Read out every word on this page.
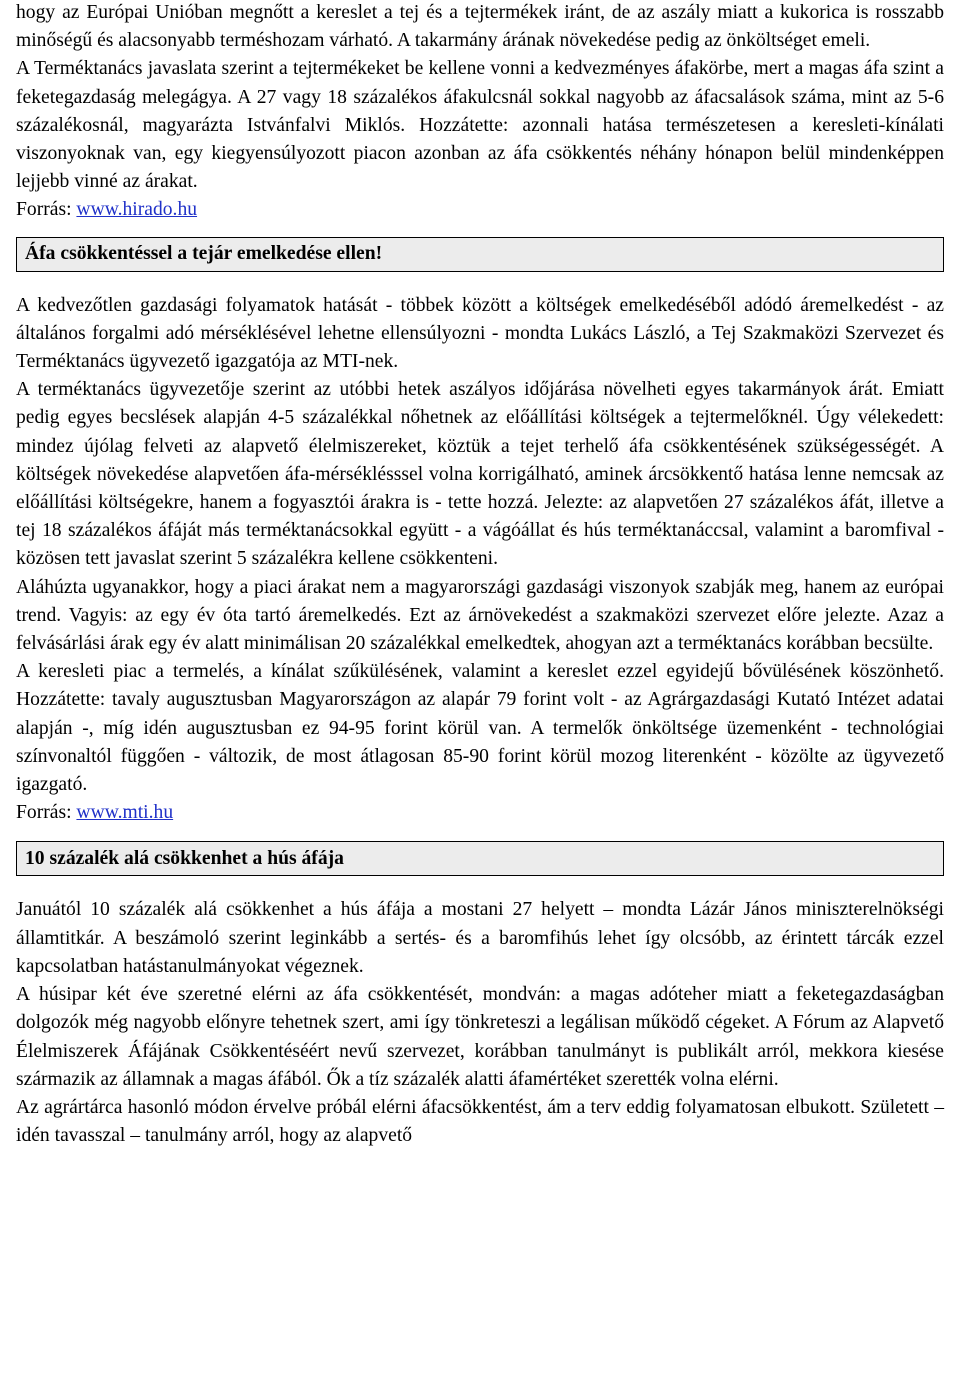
hogy az Európai Unióban megnőtt a kereslet a tej és a tejtermékek iránt, de az aszály miatt a kukorica is rosszabb minőségű és alacsonyabb terméshozam várható. A takarmány árának növekedése pedig az önköltséget emeli.

A Terméktanács javaslata szerint a tejtermékeket be kellene vonni a kedvezményes áfakörbe, mert a magas áfa szint a feketegazdaság melegágya. A 27 vagy 18 százalékos áfakulcsnál sokkal nagyobb az áfacsalások száma, mint az 5-6 százalékosnál, magyarázta Istvánfalvi Miklós. Hozzátette: azonnali hatása természetesen a keresleti-kínálati viszonyoknak van, egy kiegyensúlyozott piacon azonban az áfa csökkentés néhány hónapon belül mindenképpen lejjebb vinné az árakat.

Forrás: www.hirado.hu

Áfa csökkentéssel a tejár emelkedése ellen!

A kedvezőtlen gazdasági folyamatok hatását - többek között a költségek emelkedéséből adódó áremelkedést - az általános forgalmi adó mérséklésével lehetne ellensúlyozni - mondta Lukács László, a Tej Szakmaközi Szervezet és Terméktanács ügyvezető igazgatója az MTI-nek.

A terméktanács ügyvezetője szerint az utóbbi hetek aszályos időjárása növelheti egyes takarmányok árát. Emiatt pedig egyes becslések alapján 4-5 százalékkal nőhetnek az előállítási költségek a tejtermelőknél. Úgy vélekedett: mindez újólag felveti az alapvető élelmiszereket, köztük a tejet terhelő áfa csökkentésének szükségességét. A költségek növekedése alapvetően áfa-mérséklésssel volna korrigálható, aminek árcsökkentő hatása lenne nemcsak az előállítási költségekre, hanem a fogyasztói árakra is - tette hozzá. Jelezte: az alapvetően 27 százalékos áfát, illetve a tej 18 százalékos áfáját más terméktanácsokkal együtt - a vágóállat és hús terméktanáccsal, valamint a baromfival - közösen tett javaslat szerint 5 százalékra kellene csökkenteni.

Aláhúzta ugyanakkor, hogy a piaci árakat nem a magyarországi gazdasági viszonyok szabják meg, hanem az európai trend. Vagyis: az egy év óta tartó áremelkedés. Ezt az árnövekedést a szakmaközi szervezet előre jelezte. Azaz a felvásárlási árak egy év alatt minimálisan 20 százalékkal emelkedtek, ahogyan azt a terméktanács korábban becsülte.

A keresleti piac a termelés, a kínálat szűkülésének, valamint a kereslet ezzel egyidejű bővülésének köszönhető. Hozzátette: tavaly augusztusban Magyarországon az alapár 79 forint volt - az Agrárgazdasági Kutató Intézet adatai alapján -, míg idén augusztusban ez 94-95 forint körül van. A termelők önköltsége üzemenként - technológiai színvonaltól függően - változik, de most átlagosan 85-90 forint körül mozog literenként - közölte az ügyvezető igazgató.

Forrás: www.mti.hu

10 százalék alá csökkenhet a hús áfája

Januától 10 százalék alá csökkenhet a hús áfája a mostani 27 helyett – mondta Lázár János miniszterelnökségi államtitkár. A beszámoló szerint leginkább a sertés- és a baromfihús lehet így olcsóbb, az érintett tárcák ezzel kapcsolatban hatástanulmányokat végeznek.

A húsipar két éve szeretné elérni az áfa csökkentését, mondván: a magas adóteher miatt a feketegazdaságban dolgozók még nagyobb előnyre tehetnek szert, ami így tönkreteszi a legálisan működő cégeket. A Fórum az Alapvető Élelmiszerek Áfájának Csökkentéséért nevű szervezet, korábban tanulmányt is publikált arról, mekkora kiesése származik az államnak a magas áfából. Ők a tíz százalék alatti áfamértéket szerették volna elérni.

Az agrártárca hasonló módon érvelve próbál elérni áfacsökkentést, ám a terv eddig folyamatosan elbukott. Született – idén tavasszal – tanulmány arról, hogy az alapvető
